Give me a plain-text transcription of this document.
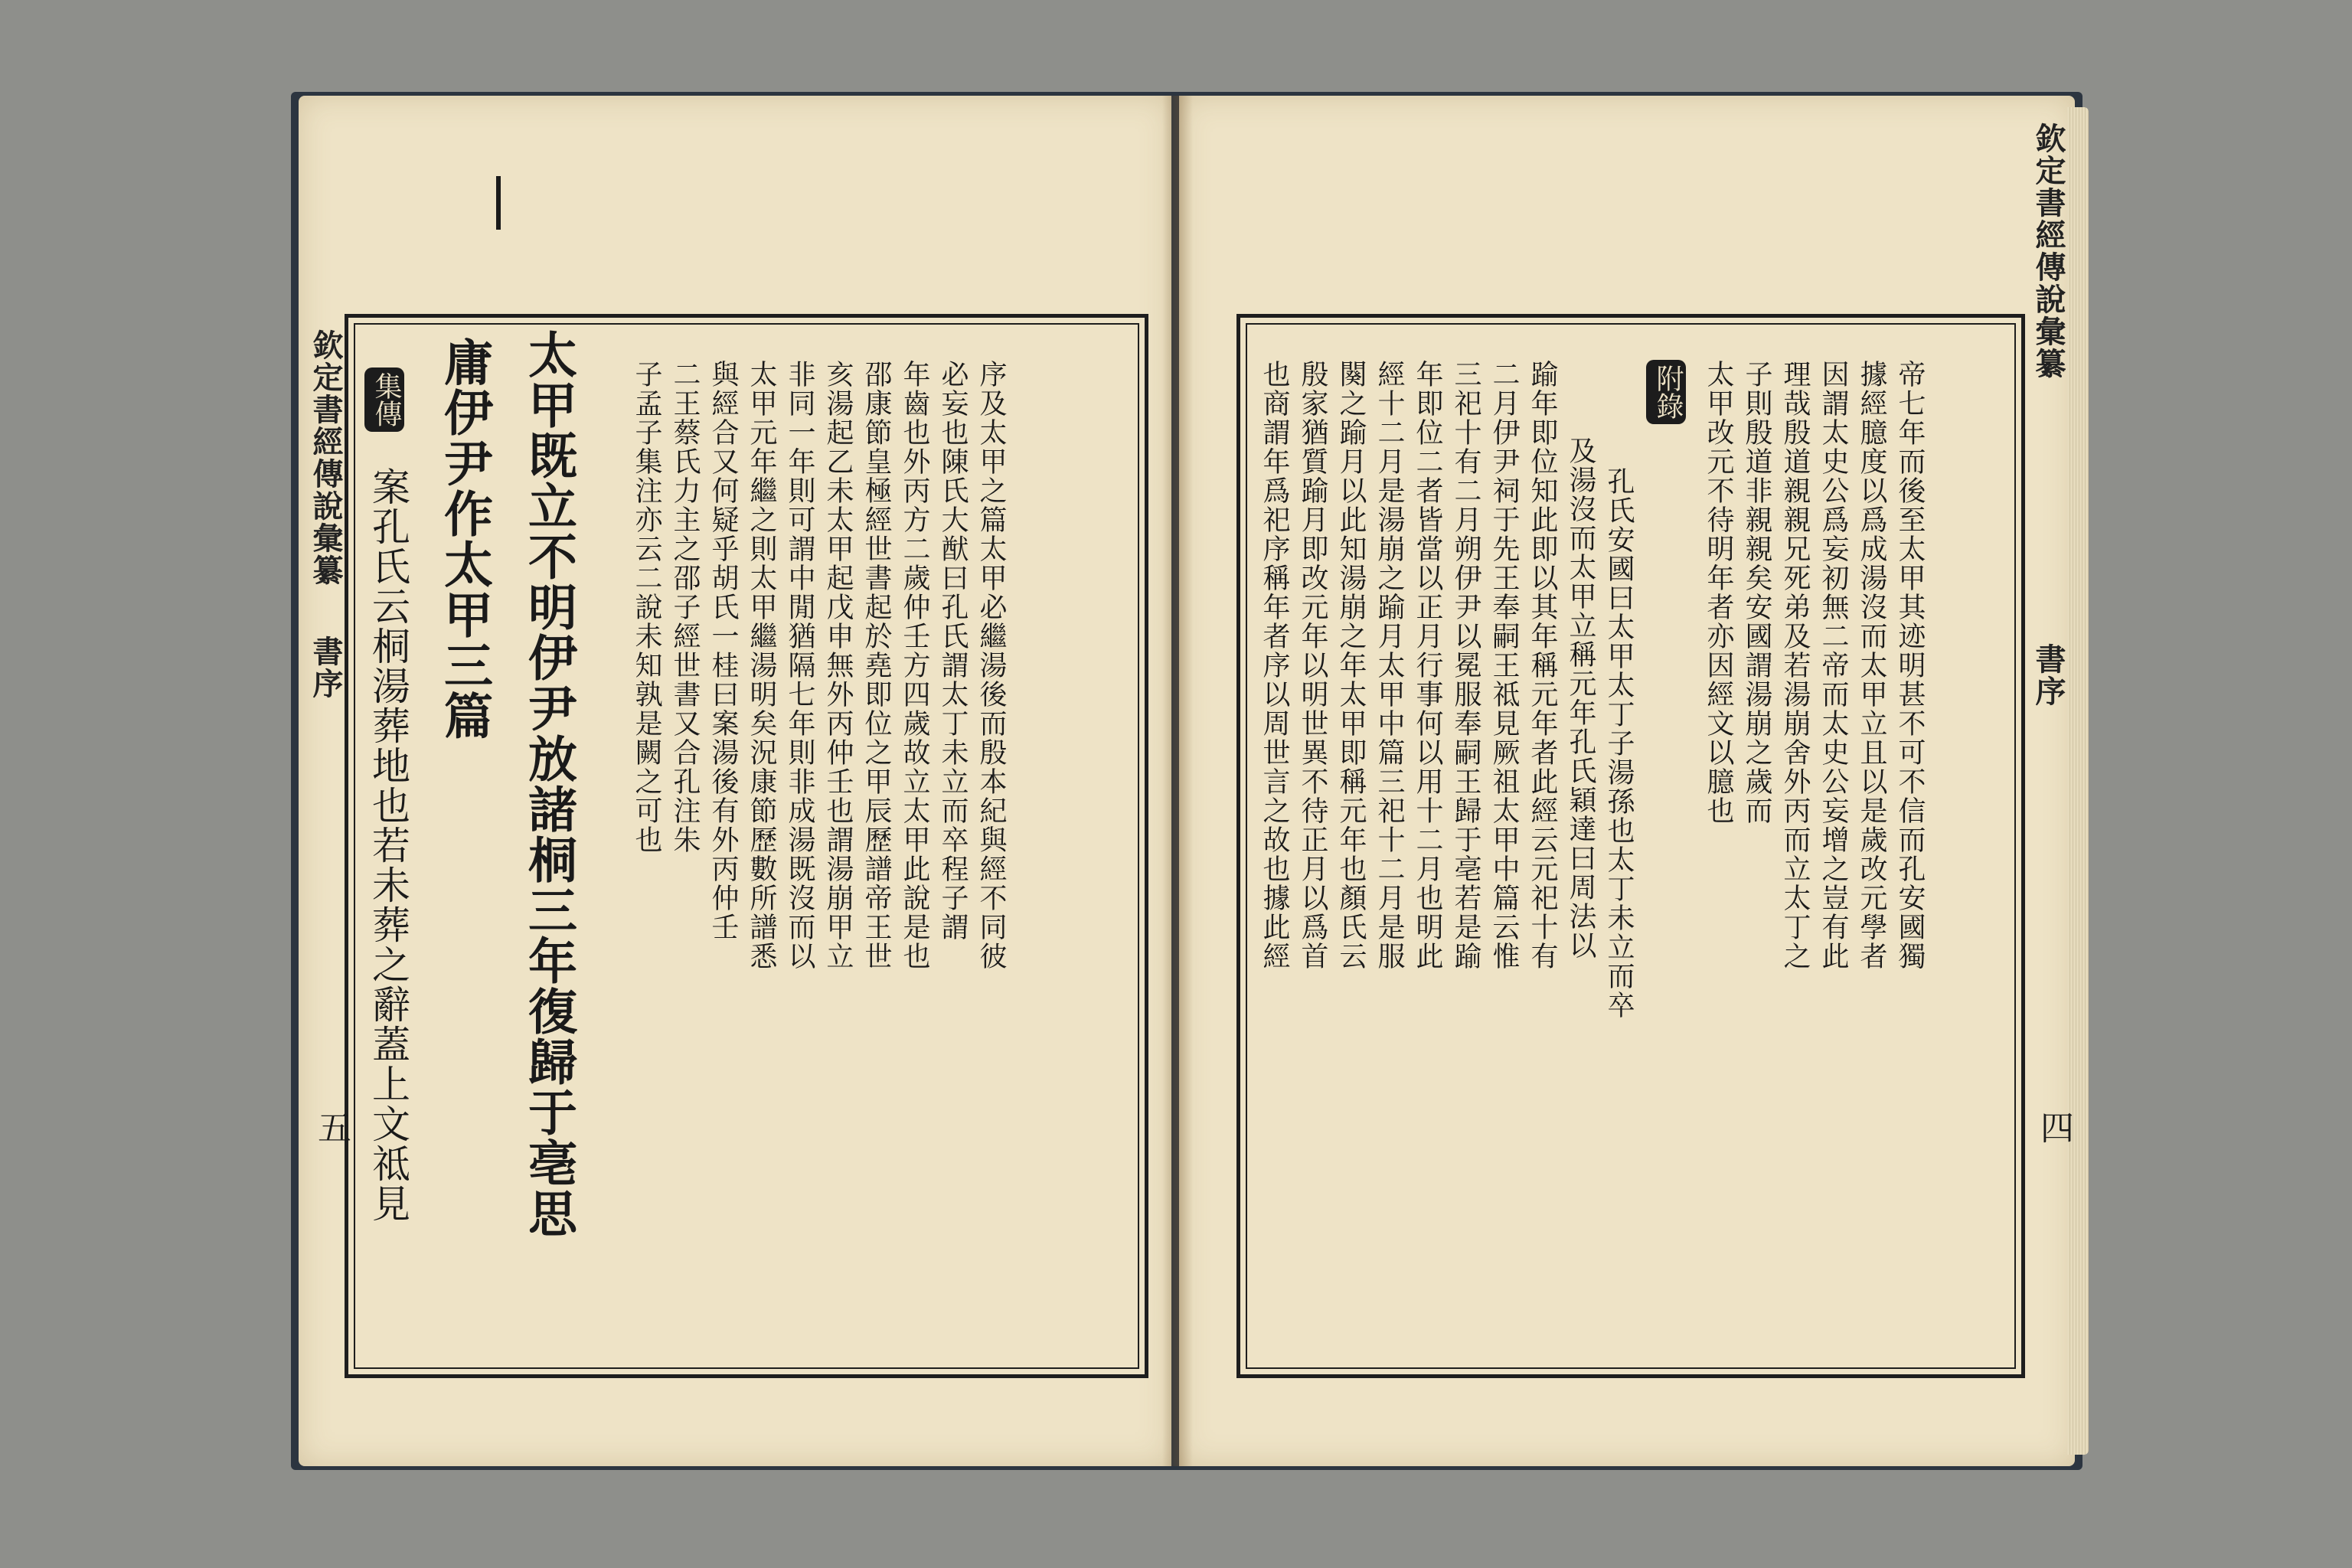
欽定書經傳說彙纂
書序
五
欽定書經傳說彙纂
書序
四
集傳
案孔氏云桐湯葬地也若未葬之辭蓋上文祗見 庸伊尹作太甲三篇 太甲既立不明伊尹放諸桐三年復歸于亳思 子孟子集注亦云二說未知孰是闕之可也 二王蔡氏力主之邵子經世書又合孔注朱 與經合又何疑乎胡氏一桂曰案湯後有外丙仲壬 太甲元年繼之則太甲繼湯明矣況康節歷數所譜悉 非同一年則可謂中閒猶隔七年則非成湯既沒而以 亥湯起乙未太甲起戊申無外丙仲壬也謂湯崩甲立 邵康節皇極經世書起於堯即位之甲辰歷譜帝王世 年齒也外丙方二歲仲壬方四歲故立太甲此說是也 必妄也陳氏大猷曰孔氏謂太丁未立而卒程子謂 序及太甲之篇太甲必繼湯後而殷本紀與經不同彼	也商謂年爲祀序稱年者序以周世言之故也據此經 殷家猶質踰月即改元年以明世異不待正月以爲首 闋之踰月以此知湯崩之年太甲即稱元年也顏氏云 經十二月是湯崩之踰月太甲中篇三祀十二月是服 年即位二者皆當以正月行事何以用十二月也明此 三祀十有二月朔伊尹以冕服奉嗣王歸于亳若是踰 二月伊尹祠于先王奉嗣王祗見厥祖太甲中篇云惟 踰年即位知此即以其年稱元年者此經云元祀十有 及湯沒而太甲立稱元年孔氏穎達曰周法以 孔氏安國曰太甲太丁子湯孫也太丁未立而卒
附錄 太甲改元不待明年者亦因經文以臆也 子則殷道非親親矣安國謂湯崩之歲而 理哉殷道親親兄死弟及若湯崩舍外丙而立太丁之 因謂太史公爲妄初無二帝而太史公妄增之豈有此 據經臆度以爲成湯沒而太甲立且以是歲改元學者 帝七年而後至太甲其迹明甚不可不信而孔安國獨
